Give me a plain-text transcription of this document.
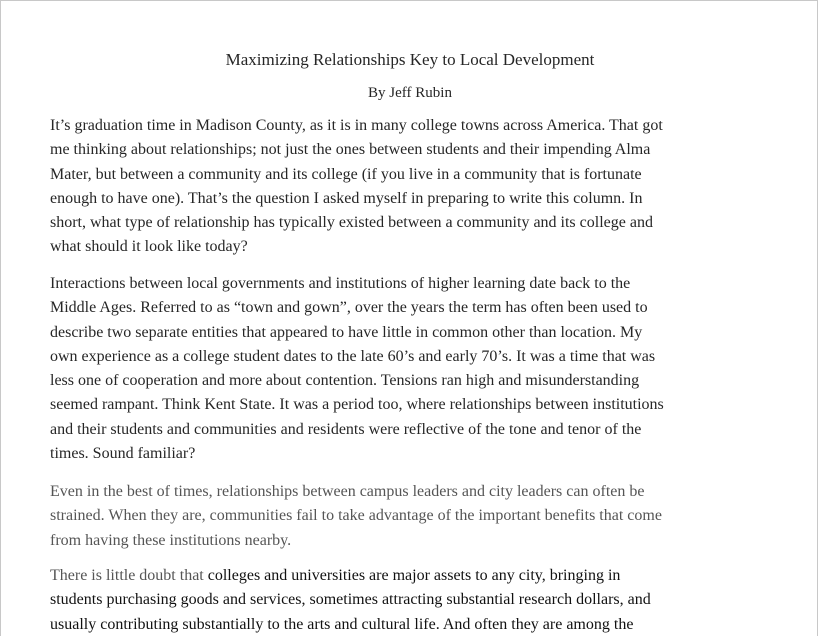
Maximizing Relationships Key to Local Development
By Jeff Rubin

It’s graduation time in Madison County, as it is in many college towns across America. That got
me thinking about relationships; not just the ones between students and their impending Alma
Mater, but between a community and its college (if you live in a community that is fortunate
enough to have one). That’s the question I asked myself in preparing to write this column. In
short, what type of relationship has typically existed between a community and its college and
what should it look like today?

Interactions between local governments and institutions of higher learning date back to the
Middle Ages. Referred to as “town and gown”, over the years the term has often been used to
describe two separate entities that appeared to have little in common other than location. My
own experience as a college student dates to the late 60’s and early 70’s. It was a time that was
less one of cooperation and more about contention. Tensions ran high and misunderstanding
seemed rampant. Think Kent State. It was a period too, where relationships between institutions
and their students and communities and residents were reflective of the tone and tenor of the
times. Sound familiar?

Even in the best of times, relationships between campus leaders and city leaders can often be
strained. When they are, communities fail to take advantage of the important benefits that come
from having these institutions nearby.

There is little doubt that colleges and universities are major assets to any city, bringing in
students purchasing goods and services, sometimes attracting substantial research dollars, and
usually contributing substantially to the arts and cultural life. And often they are among the
